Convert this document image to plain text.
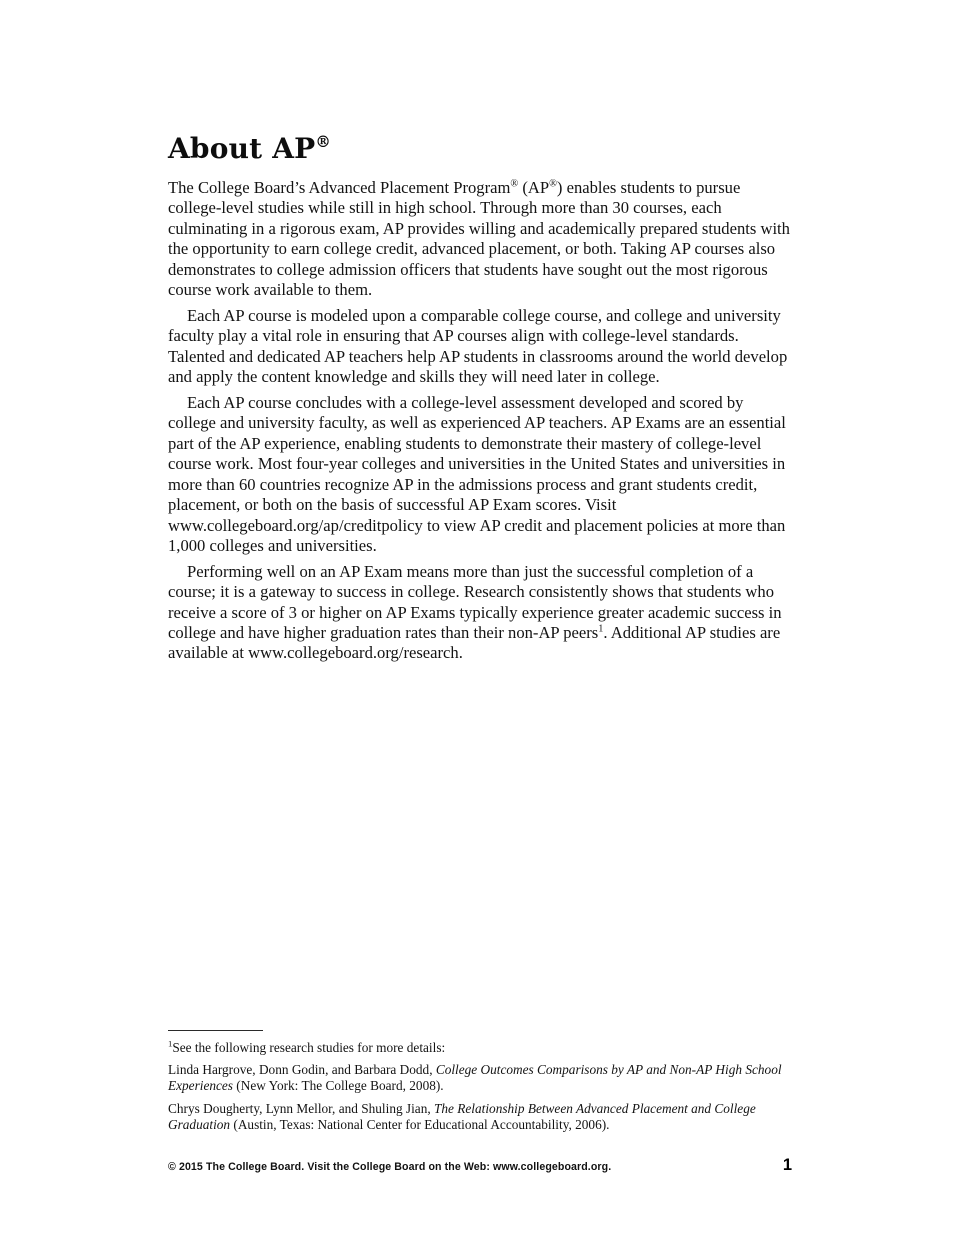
About AP®

The College Board’s Advanced Placement Program® (AP®) enables students to pursue college-level studies while still in high school. Through more than 30 courses, each culminating in a rigorous exam, AP provides willing and academically prepared students with the opportunity to earn college credit, advanced placement, or both. Taking AP courses also demonstrates to college admission officers that students have sought out the most rigorous course work available to them.

Each AP course is modeled upon a comparable college course, and college and university faculty play a vital role in ensuring that AP courses align with college-level standards. Talented and dedicated AP teachers help AP students in classrooms around the world develop and apply the content knowledge and skills they will need later in college.

Each AP course concludes with a college-level assessment developed and scored by college and university faculty, as well as experienced AP teachers. AP Exams are an essential part of the AP experience, enabling students to demonstrate their mastery of college-level course work. Most four-year colleges and universities in the United States and universities in more than 60 countries recognize AP in the admissions process and grant students credit, placement, or both on the basis of successful AP Exam scores. Visit www.collegeboard.org/ap/creditpolicy to view AP credit and placement policies at more than 1,000 colleges and universities.

Performing well on an AP Exam means more than just the successful completion of a course; it is a gateway to success in college. Research consistently shows that students who receive a score of 3 or higher on AP Exams typically experience greater academic success in college and have higher graduation rates than their non-AP peers$^1$. Additional AP studies are available at www.collegeboard.org/research.

$^1$See the following research studies for more details:

Linda Hargrove, Donn Godin, and Barbara Dodd, College Outcomes Comparisons by AP and Non-AP High School Experiences (New York: The College Board, 2008).

Chrys Dougherty, Lynn Mellor, and Shuling Jian, The Relationship Between Advanced Placement and College Graduation (Austin, Texas: National Center for Educational Accountability, 2006).

© 2015 The College Board. Visit the College Board on the Web: www.collegeboard.org.	1
